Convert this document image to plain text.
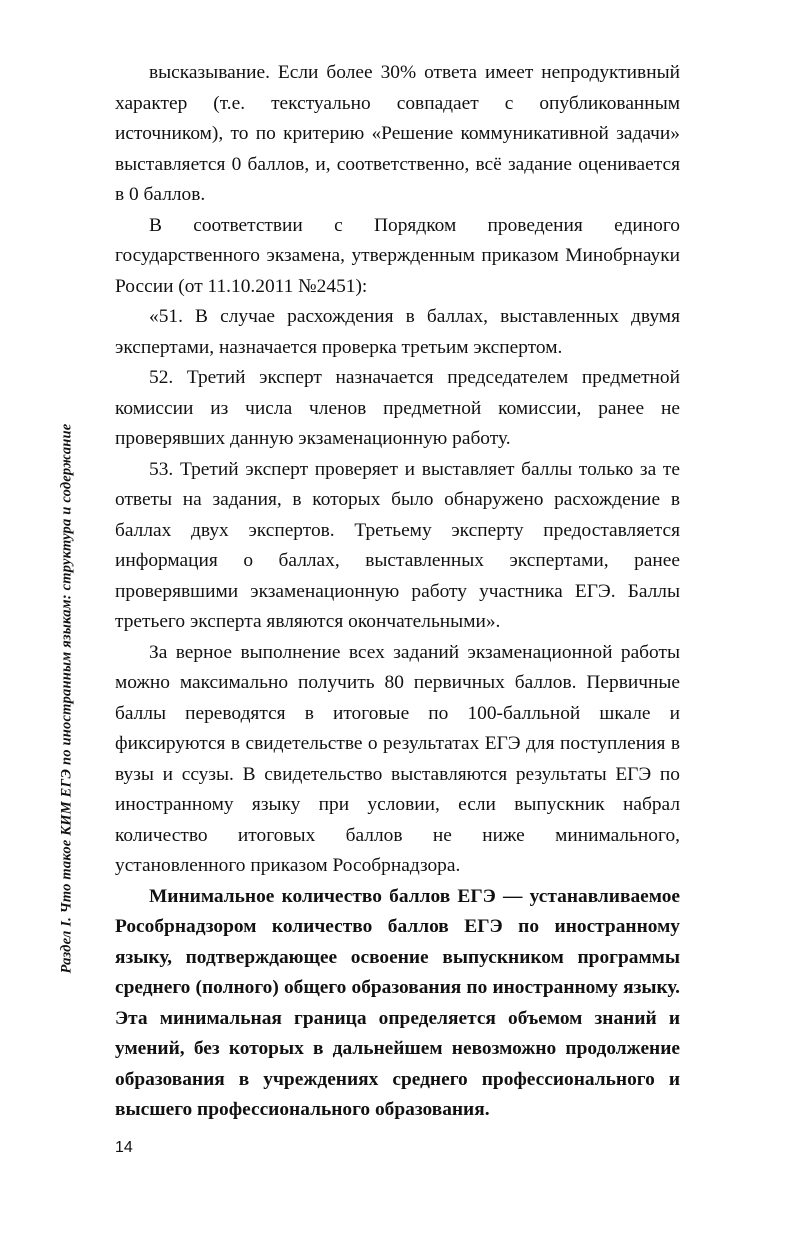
Раздел I. Что такое КИМ ЕГЭ по иностранным языкам: структура и содержание

высказывание. Если более 30% ответа имеет непродуктивный характер (т.е. текстуально совпадает с опубликованным источником), то по критерию «Решение коммуникативной задачи» выставляется 0 баллов, и, соответственно, всё задание оценивается в 0 баллов.

В соответствии с Порядком проведения единого государственного экзамена, утвержденным приказом Минобрнауки России (от 11.10.2011 №2451):

«51. В случае расхождения в баллах, выставленных двумя экспертами, назначается проверка третьим экспертом.

52. Третий эксперт назначается председателем предметной комиссии из числа членов предметной комиссии, ранее не проверявших данную экзаменационную работу.

53. Третий эксперт проверяет и выставляет баллы только за те ответы на задания, в которых было обнаружено расхождение в баллах двух экспертов. Третьему эксперту предоставляется информация о баллах, выставленных экспертами, ранее проверявшими экзаменационную работу участника ЕГЭ. Баллы третьего эксперта являются окончательными».

За верное выполнение всех заданий экзаменационной работы можно максимально получить 80 первичных баллов. Первичные баллы переводятся в итоговые по 100-балльной шкале и фиксируются в свидетельстве о результатах ЕГЭ для поступления в вузы и ссузы. В свидетельство выставляются результаты ЕГЭ по иностранному языку при условии, если выпускник набрал количество итоговых баллов не ниже минимального, установленного приказом Рособрнадзора.

Минимальное количество баллов ЕГЭ — устанавливаемое Рособрнадзором количество баллов ЕГЭ по иностранному языку, подтверждающее освоение выпускником программы среднего (полного) общего образования по иностранному языку. Эта минимальная граница определяется объемом знаний и умений, без которых в дальнейшем невозможно продолжение образования в учреждениях среднего профессионального и высшего профессионального образования.

14
